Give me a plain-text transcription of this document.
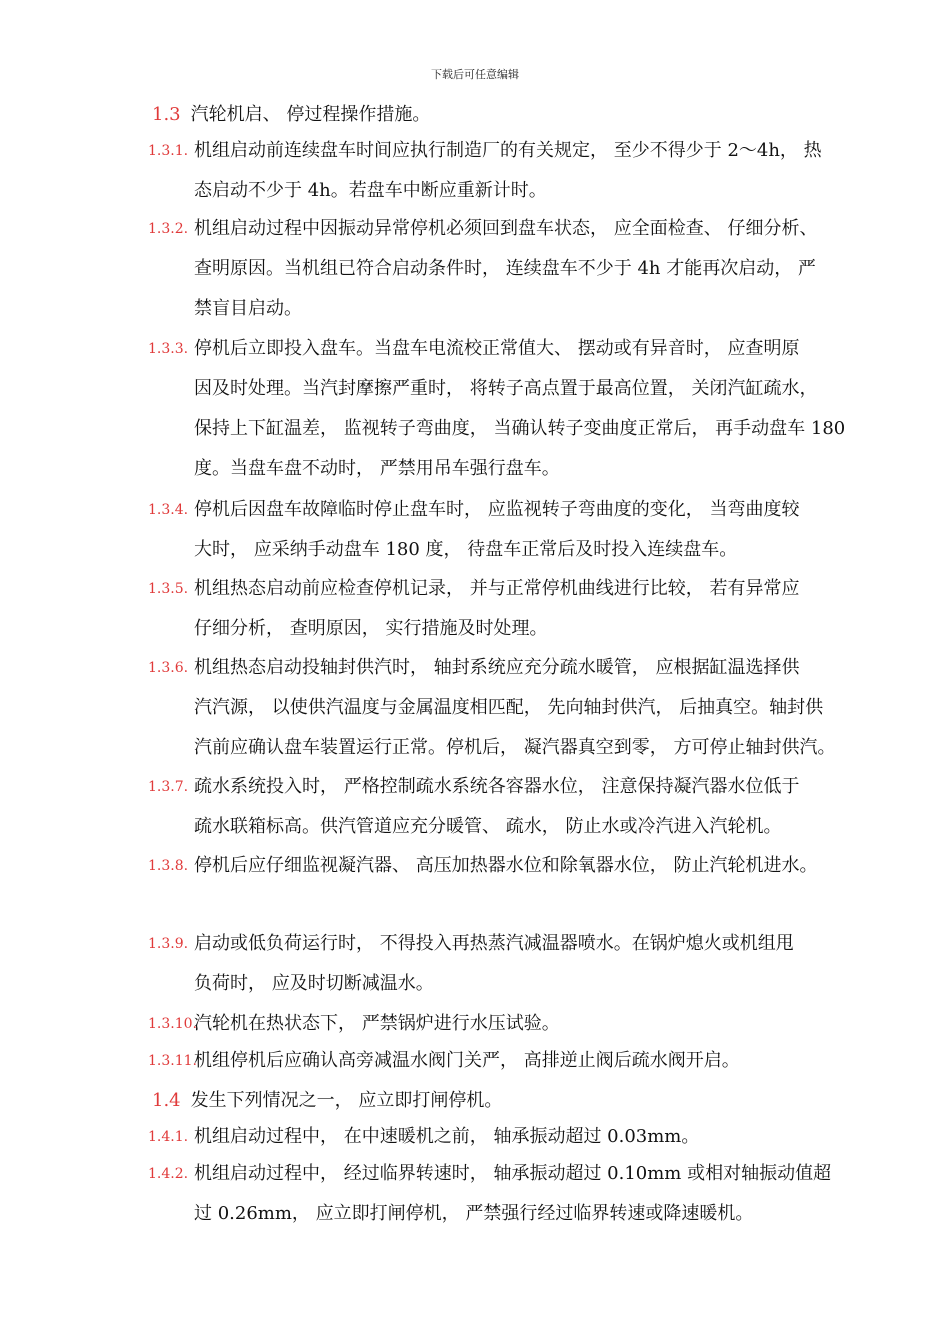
下载后可任意编辑
1.3 汽轮机启、 停过程操作措施。
1.3.1. 机组启动前连续盘车时间应执行制造厂的有关规定， 至少不得少于 2～4h， 热
态启动不少于 4h。若盘车中断应重新计时。
1.3.2. 机组启动过程中因振动异常停机必须回到盘车状态， 应全面检查、 仔细分析、
查明原因。当机组已符合启动条件时， 连续盘车不少于 4h 才能再次启动， 严
禁盲目启动。
1.3.3. 停机后立即投入盘车。当盘车电流校正常值大、 摆动或有异音时， 应查明原
因及时处理。当汽封摩擦严重时， 将转子高点置于最高位置， 关闭汽缸疏水，
保持上下缸温差， 监视转子弯曲度， 当确认转子变曲度正常后， 再手动盘车 180
度。当盘车盘不动时， 严禁用吊车强行盘车。
1.3.4. 停机后因盘车故障临时停止盘车时， 应监视转子弯曲度的变化， 当弯曲度较
大时， 应采纳手动盘车 180 度， 待盘车正常后及时投入连续盘车。
1.3.5. 机组热态启动前应检查停机记录， 并与正常停机曲线进行比较， 若有异常应
仔细分析， 查明原因， 实行措施及时处理。
1.3.6. 机组热态启动投轴封供汽时， 轴封系统应充分疏水暖管， 应根据缸温选择供
汽汽源， 以使供汽温度与金属温度相匹配， 先向轴封供汽， 后抽真空。轴封供
汽前应确认盘车装置运行正常。停机后， 凝汽器真空到零， 方可停止轴封供汽。
1.3.7. 疏水系统投入时， 严格控制疏水系统各容器水位， 注意保持凝汽器水位低于
疏水联箱标高。供汽管道应充分暖管、 疏水， 防止水或冷汽进入汽轮机。
1.3.8. 停机后应仔细监视凝汽器、 高压加热器水位和除氧器水位， 防止汽轮机进水。
1.3.9. 启动或低负荷运行时， 不得投入再热蒸汽减温器喷水。在锅炉熄火或机组甩
负荷时， 应及时切断减温水。
1.3.10.
汽轮机在热状态下， 严禁锅炉进行水压试验。
1.3.11.
机组停机后应确认高旁减温水阀门关严， 高排逆止阀后疏水阀开启。
1.4 发生下列情况之一， 应立即打闸停机。
1.4.1. 机组启动过程中， 在中速暖机之前， 轴承振动超过 0.03mm。
1.4.2. 机组启动过程中， 经过临界转速时， 轴承振动超过 0.10mm 或相对轴振动值超
过 0.26mm， 应立即打闸停机， 严禁强行经过临界转速或降速暖机。
